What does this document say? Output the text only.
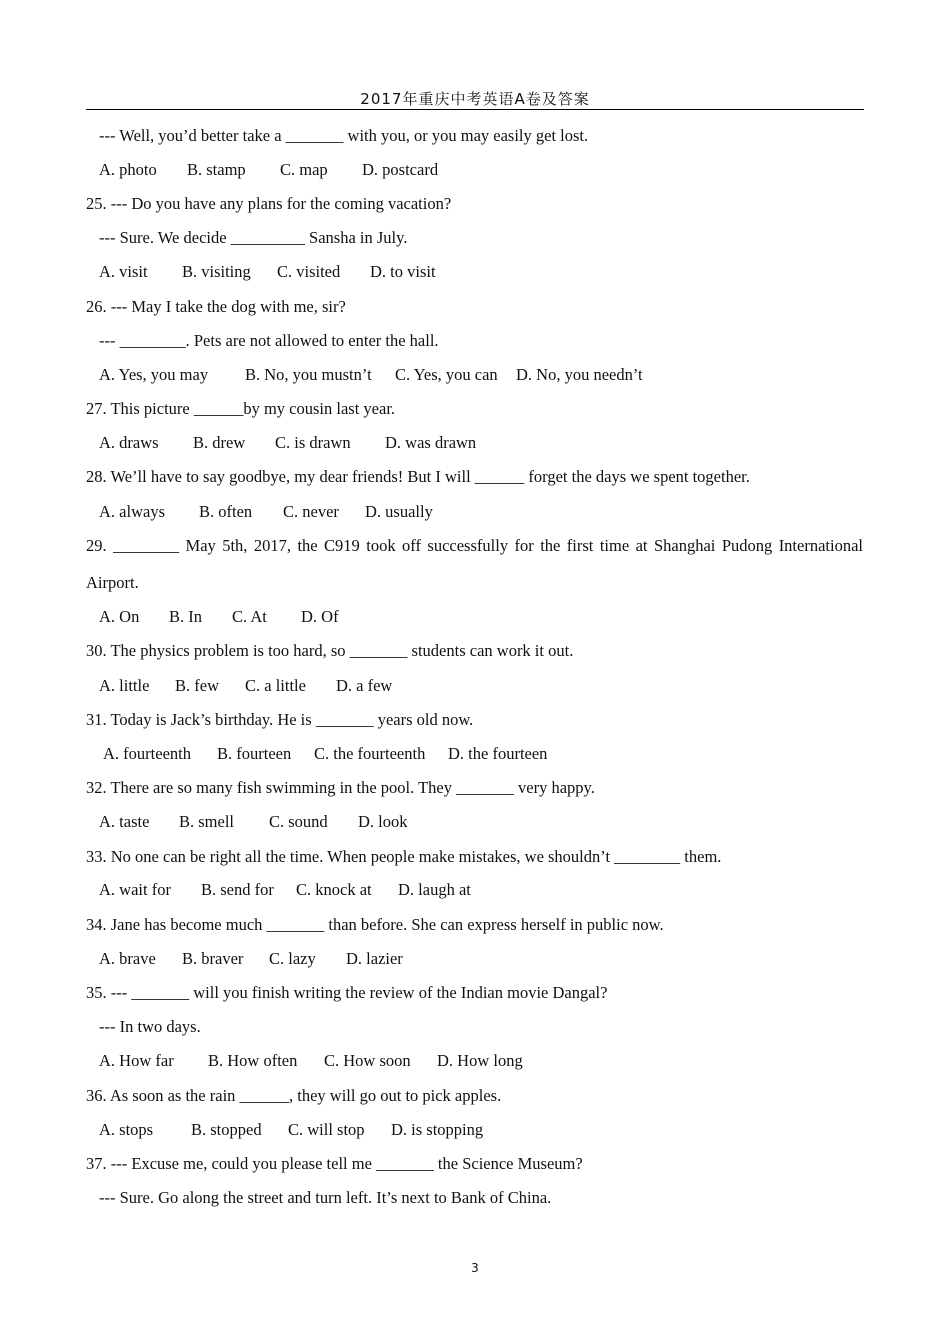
2017年重庆中考英语A卷及答案
--- Well, you’d better take a _______ with you, or you may easily get lost.
A. photo B. stamp C. map D. postcard
25. --- Do you have any plans for the coming vacation?
--- Sure. We decide _________ Sansha in July.
A. visit B. visiting C. visited D. to visit
26. --- May I take the dog with me, sir?
--- ________. Pets are not allowed to enter the hall.
A. Yes, you may B. No, you mustn’t C. Yes, you can D. No, you needn’t
27. This picture ______by my cousin last year.
A. draws B. drew C. is drawn D. was drawn
28. We’ll have to say goodbye, my dear friends! But I will ______ forget the days we spent together.
A. always B. often C. never D. usually
29. ________ May 5th, 2017, the C919 took off successfully for the first time at Shanghai Pudong International
Airport.
A. On B. In C. At D. Of
30. The physics problem is too hard, so _______ students can work it out.
A. little B. few C. a little D. a few
31. Today is Jack’s birthday. He is _______ years old now.
A. fourteenth B. fourteen C. the fourteenth D. the fourteen
32. There are so many fish swimming in the pool. They _______ very happy.
A. taste B. smell C. sound D. look
33. No one can be right all the time. When people make mistakes, we shouldn’t ________ them.
A. wait for B. send for C. knock at D. laugh at
34. Jane has become much _______ than before. She can express herself in public now.
A. brave B. braver C. lazy D. lazier
35. --- _______ will you finish writing the review of the Indian movie Dangal?
--- In two days.
A. How far B. How often C. How soon D. How long
36. As soon as the rain ______, they will go out to pick apples.
A. stops B. stopped C. will stop D. is stopping
37. --- Excuse me, could you please tell me _______ the Science Museum?
--- Sure. Go along the street and turn left. It’s next to Bank of China.
3
